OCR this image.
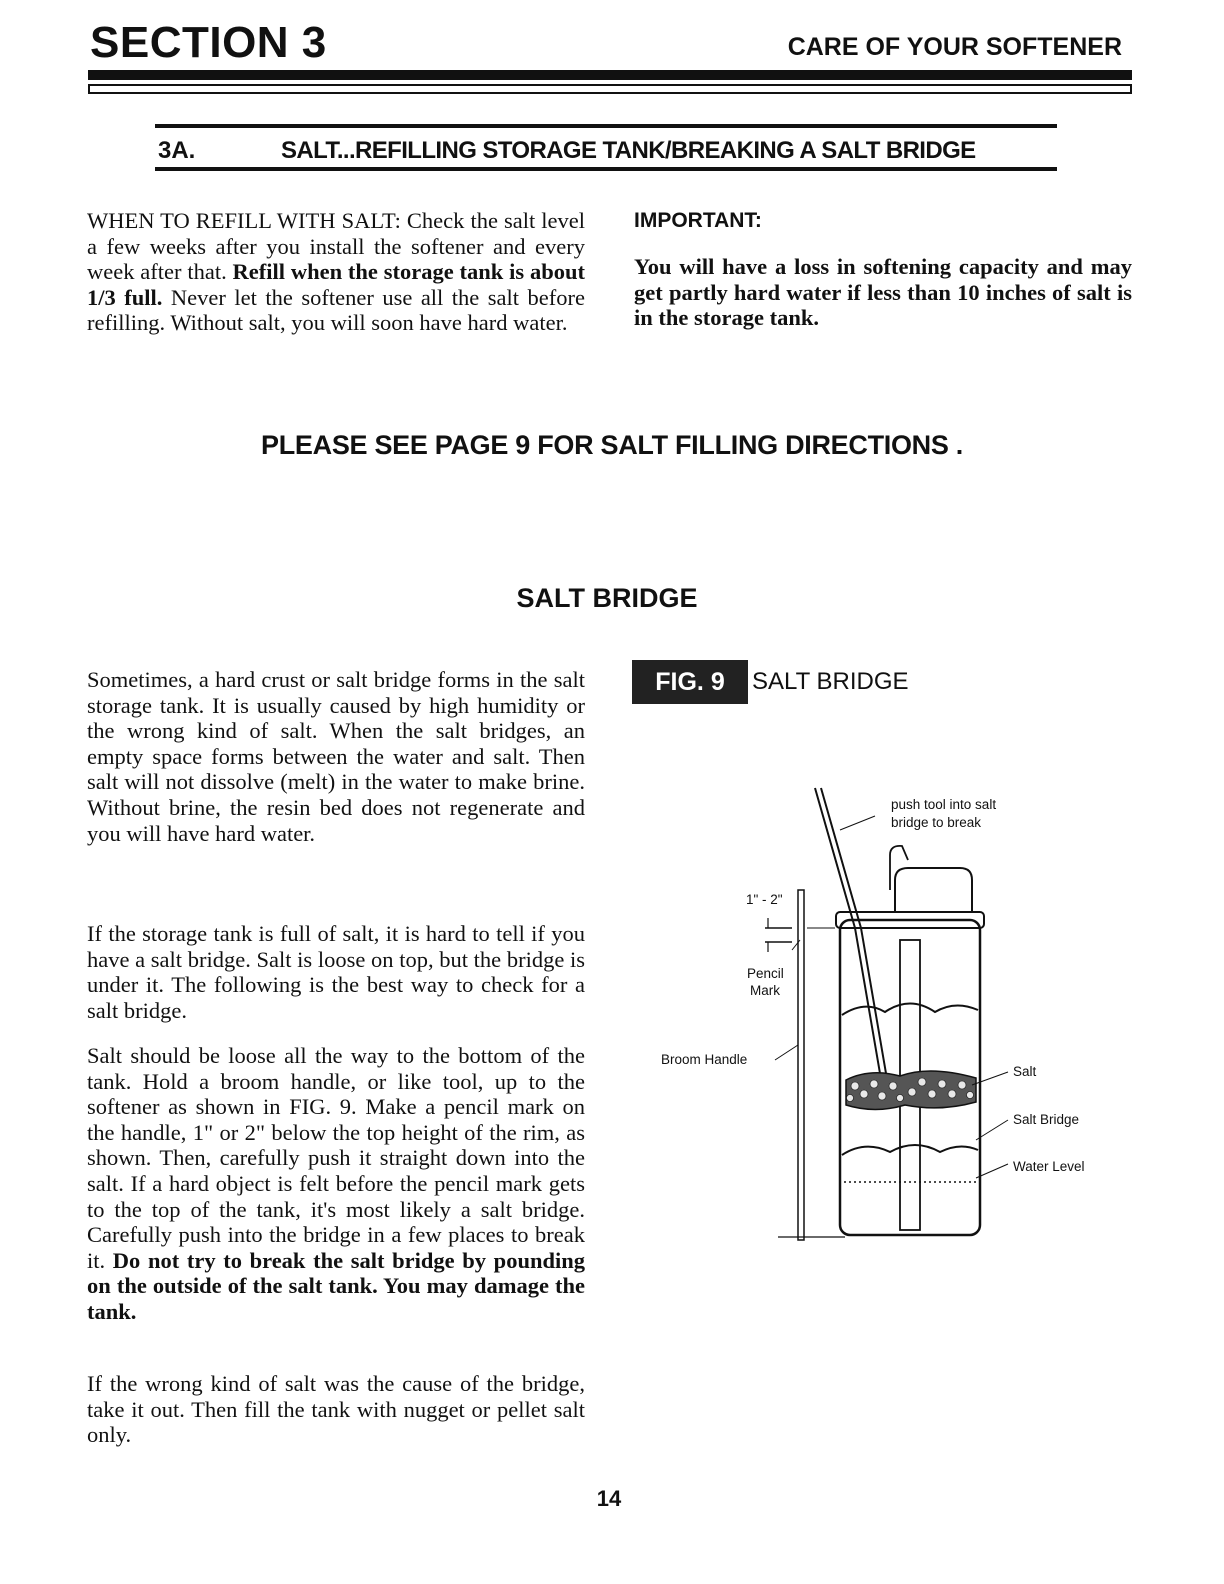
SECTION 3	CARE OF YOUR SOFTENER
3A.	SALT...REFILLING STORAGE TANK/BREAKING A SALT BRIDGE

WHEN TO REFILL WITH SALT: Check the salt level a few weeks after you install the softener and every week after that. Refill when the storage tank is about 1/3 full. Never let the softener use all the salt before refilling. Without salt, you will soon have hard water.

IMPORTANT:

You will have a loss in softening capacity and may get partly hard water if less than 10 inches of salt is in the storage tank.

PLEASE SEE PAGE 9 FOR SALT FILLING DIRECTIONS .
SALT BRIDGE

Sometimes, a hard crust or salt bridge forms in the salt storage tank. It is usually caused by high humidity or the wrong kind of salt. When the salt bridges, an empty space forms between the water and salt. Then salt will not dissolve (melt) in the water to make brine. Without brine, the resin bed does not regenerate and you will have hard water.

If the storage tank is full of salt, it is hard to tell if you have a salt bridge. Salt is loose on top, but the bridge is under it. The following is the best way to check for a salt bridge.

Salt should be loose all the way to the bottom of the tank. Hold a broom handle, or like tool, up to the softener as shown in FIG. 9. Make a pencil mark on the handle, 1" or 2" below the top height of the rim, as shown. Then, carefully push it straight down into the salt. If a hard object is felt before the pencil mark gets to the top of the tank, it's most likely a salt bridge. Carefully push into the bridge in a few places to break it. Do not try to break the salt bridge by pounding on the outside of the salt tank. You may damage the tank.

If the wrong kind of salt was the cause of the bridge, take it out. Then fill the tank with nugget or pellet salt only.

FIG. 9	SALT BRIDGE
push tool into salt
bridge to break
1" - 2"
Pencil
Mark
Broom Handle
Salt
Salt Bridge
Water Level
14
